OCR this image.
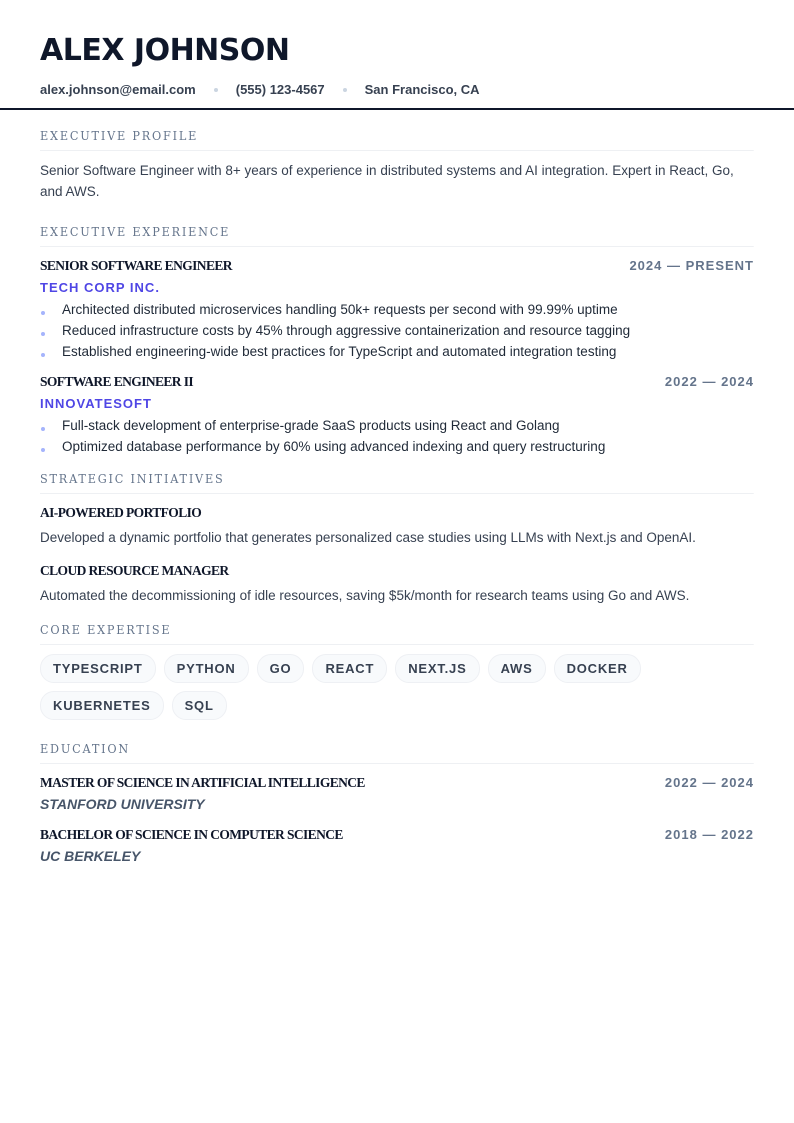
ALEX JOHNSON
alex.johnson@email.com	(555) 123-4567	San Francisco, CA
EXECUTIVE PROFILE
Senior Software Engineer with 8+ years of experience in distributed systems and AI integration. Expert in React, Go, and AWS.
EXECUTIVE EXPERIENCE
SENIOR SOFTWARE ENGINEER	2024 — PRESENT
TECH CORP INC.
Architected distributed microservices handling 50k+ requests per second with 99.99% uptime
Reduced infrastructure costs by 45% through aggressive containerization and resource tagging
Established engineering-wide best practices for TypeScript and automated integration testing
SOFTWARE ENGINEER II	2022 — 2024
INNOVATESOFT
Full-stack development of enterprise-grade SaaS products using React and Golang
Optimized database performance by 60% using advanced indexing and query restructuring
STRATEGIC INITIATIVES
AI-POWERED PORTFOLIO
Developed a dynamic portfolio that generates personalized case studies using LLMs with Next.js and OpenAI.
CLOUD RESOURCE MANAGER
Automated the decommissioning of idle resources, saving $5k/month for research teams using Go and AWS.
CORE EXPERTISE
TYPESCRIPT	PYTHON	GO	REACT	NEXT.JS	AWS	DOCKER
KUBERNETES	SQL
EDUCATION
MASTER OF SCIENCE IN ARTIFICIAL INTELLIGENCE	2022 — 2024
STANFORD UNIVERSITY
BACHELOR OF SCIENCE IN COMPUTER SCIENCE	2018 — 2022
UC BERKELEY
